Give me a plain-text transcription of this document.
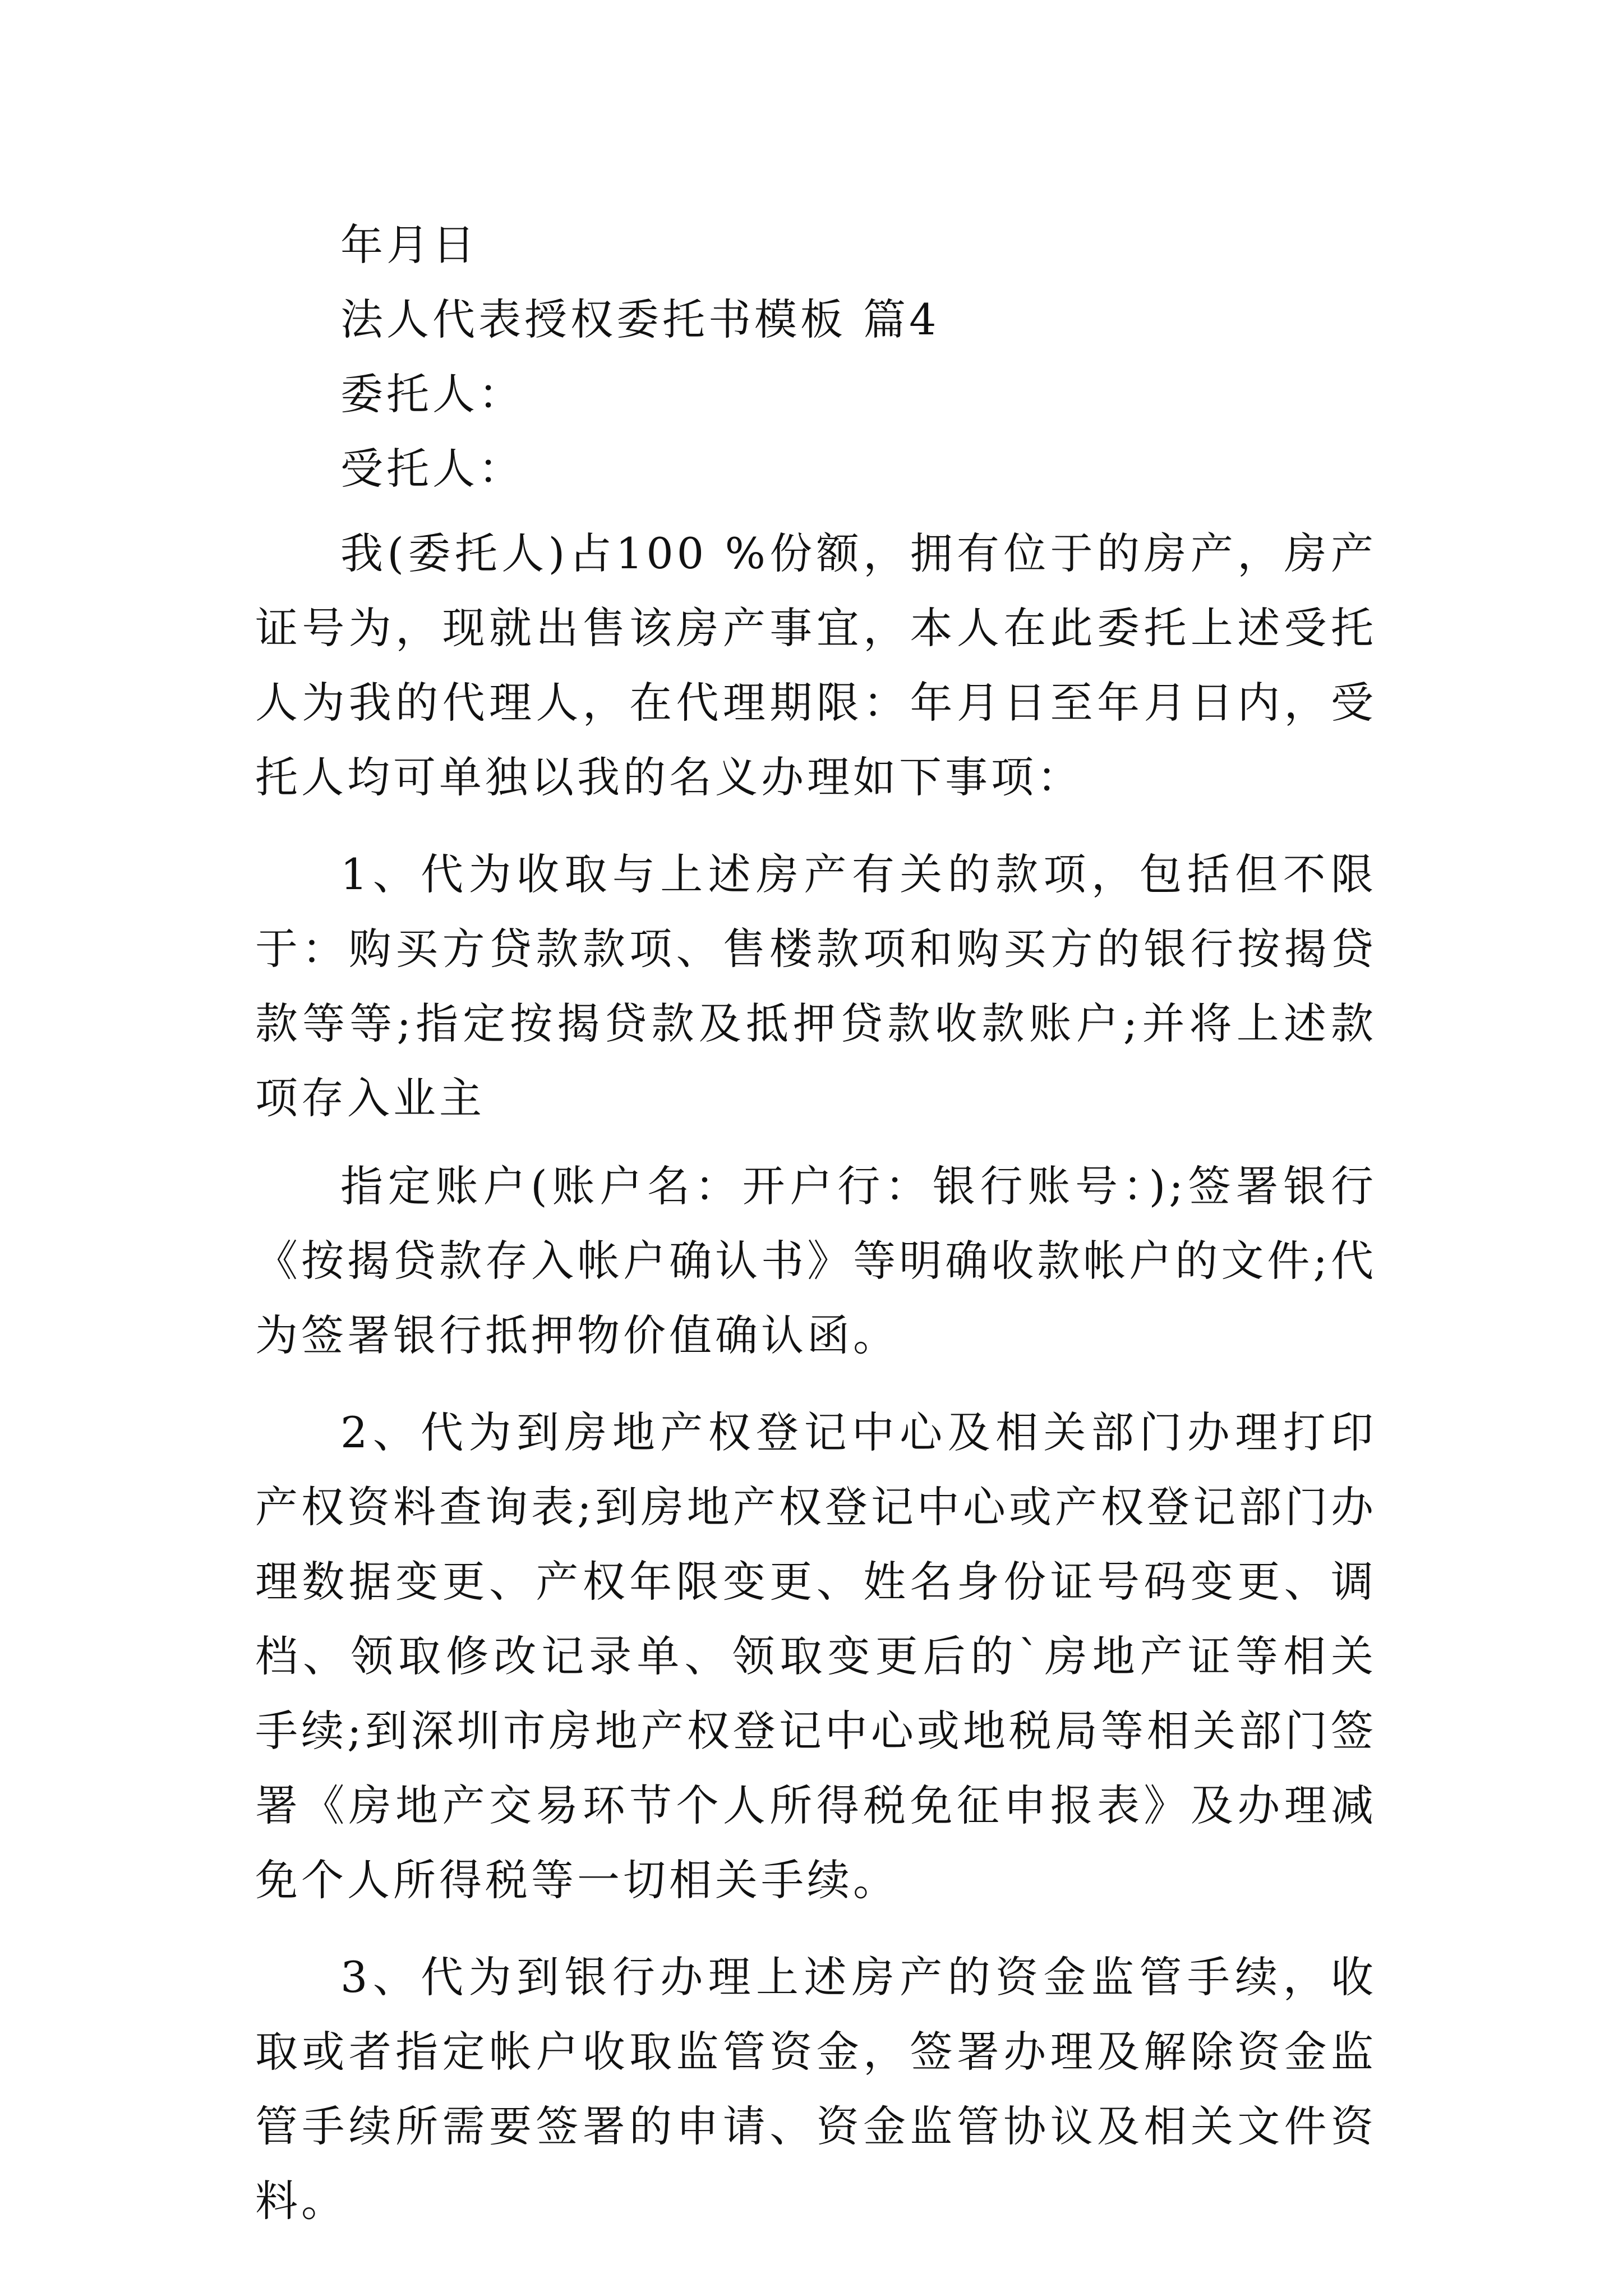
年月日

法人代表授权委托书模板 篇4

委托人：

受托人：

我(委托人)占100 %份额，拥有位于的房产，房产证号为，现就出售该房产事宜，本人在此委托上述受托人为我的代理人，在代理期限：年月日至年月日内，受托人均可单独以我的名义办理如下事项：

1、代为收取与上述房产有关的款项，包括但不限于：购买方贷款款项、售楼款项和购买方的银行按揭贷款等等;指定按揭贷款及抵押贷款收款账户;并将上述款项存入业主

指定账户(账户名：开户行：银行账号：);签署银行《按揭贷款存入帐户确认书》等明确收款帐户的文件;代为签署银行抵押物价值确认函。

2、代为到房地产权登记中心及相关部门办理打印产权资料查询表;到房地产权登记中心或产权登记部门办理数据变更、产权年限变更、姓名身份证号码变更、调档、领取修改记录单、领取变更后的`房地产证等相关手续;到深圳市房地产权登记中心或地税局等相关部门签署《房地产交易环节个人所得税免征申报表》及办理减免个人所得税等一切相关手续。

3、代为到银行办理上述房产的资金监管手续，收取或者指定帐户收取监管资金，签署办理及解除资金监管手续所需要签署的申请、资金监管协议及相关文件资料。
